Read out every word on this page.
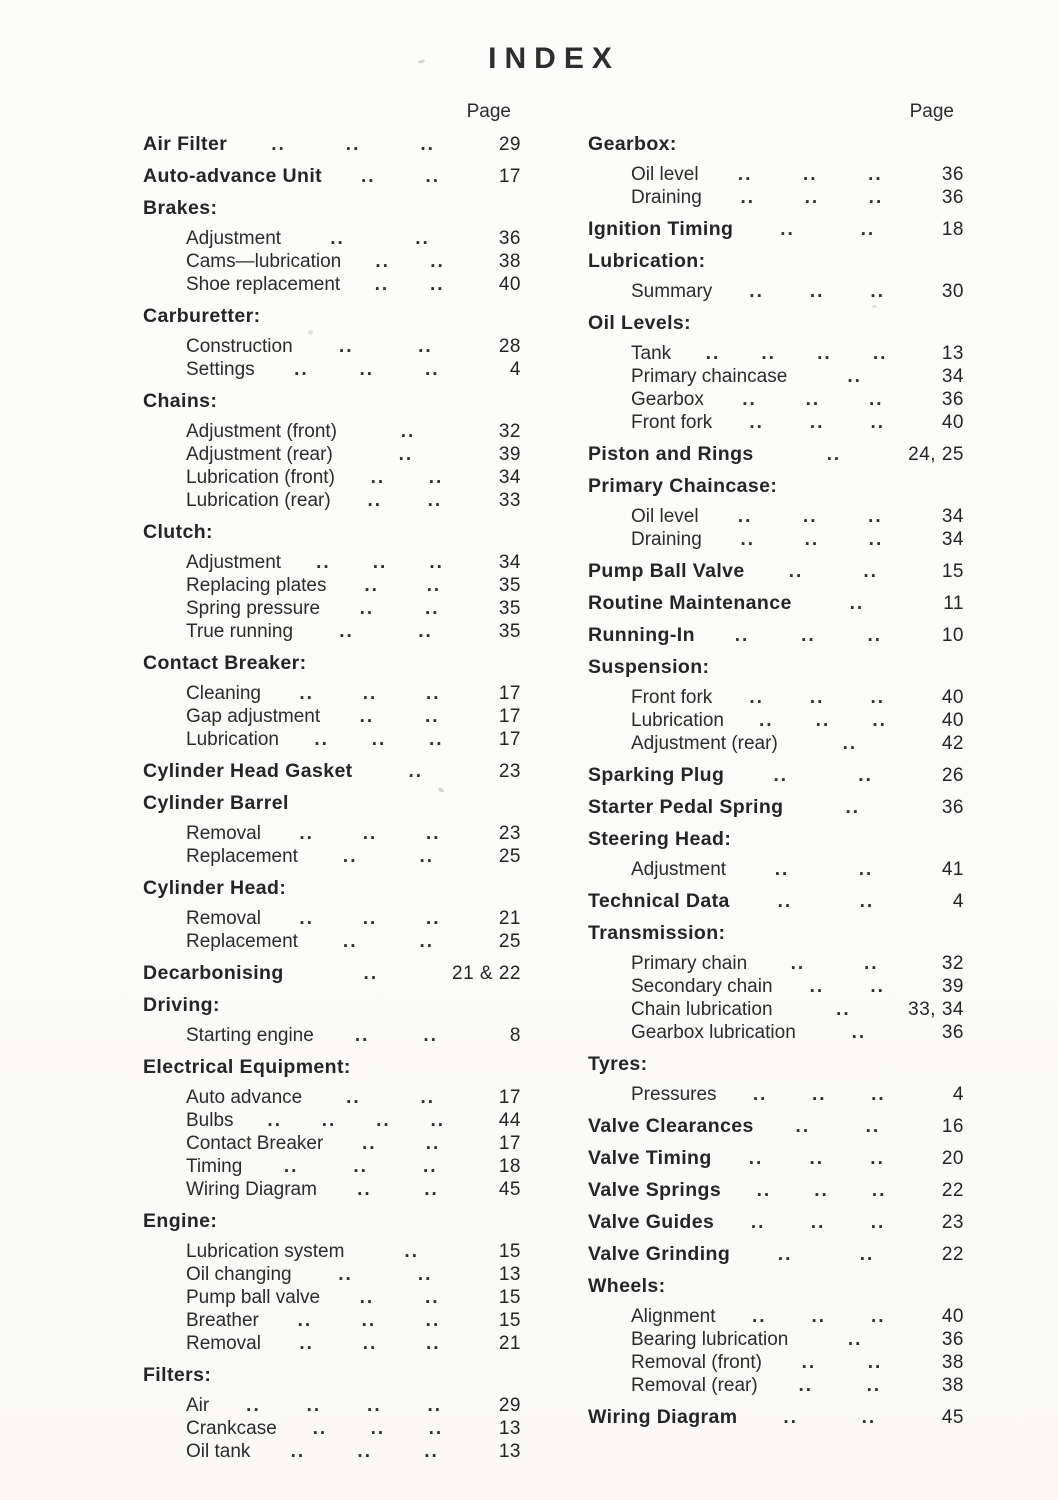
INDEX
Page
Air Filter ..	..	..	29
Auto-advance Unit ..	..	17
Brakes:
Adjustment	..	..	36
Cams—lubrication .. ..	38
Shoe replacement .. ..	40
Carburetter:
Construction ..	..	28
Settings ..	..	..	4
Chains:
Adjustment (front)	..	32
Adjustment (rear)	..	39
Lubrication (front) .. ..	34
Lubrication (rear) .. ..	33
Clutch:
Adjustment .. .. ..	34
Replacing plates ..	..	35
Spring pressure ..	..	35
True running ..	..	35
Contact Breaker:
Cleaning ..	..	..	17
Gap adjustment ..	..	17
Lubrication .. .. ..	17
Cylinder Head Gasket	..	23
Cylinder Barrel
Removal ..	..	..	23
Replacement ..	..	25
Cylinder Head:
Removal ..	..	..	21
Replacement ..	..	25
Decarbonising	..	21 & 22
Driving:
Starting engine ..	..	8
Electrical Equipment:
Auto advance ..	..	17
Bulbs .. .. .. ..	44
Contact Breaker ..	..	17
Timing ..	..	..	18
Wiring Diagram ..	..	45
Engine:
Lubrication system	..	15
Oil changing ..	..	13
Pump ball valve ..	..	15
Breather ..	..	..	15
Removal ..	..	..	21
Filters:
Air .. .. .. ..	29
Crankcase .. .. ..	13
Oil tank ..	..	..	13
Page
Gearbox:
Oil level ..	..	..	36
Draining ..	..	..	36
Ignition Timing ..	..	18
Lubrication:
Summary .. .. ..	30
Oil Levels:
Tank .. .. .. ..	13
Primary chaincase	..	34
Gearbox ..	..	..	36
Front fork .. .. ..	40
Piston and Rings	..	24, 25
Primary Chaincase:
Oil level ..	..	..	34
Draining ..	..	..	34
Pump Ball Valve ..	..	15
Routine Maintenance	..	11
Running-In ..	..	..	10
Suspension:
Front fork .. .. ..	40
Lubrication .. .. ..	40
Adjustment (rear)	..	42
Sparking Plug	..	..	26
Starter Pedal Spring	..	36
Steering Head:
Adjustment	..	..	41
Technical Data	..	..	4
Transmission:
Primary chain ..	..	32
Secondary chain .. ..	39
Chain lubrication	..	33, 34
Gearbox lubrication	..	36
Tyres:
Pressures .. .. ..	4
Valve Clearances ..	..	16
Valve Timing .. .. ..	20
Valve Springs .. .. ..	22
Valve Guides .. .. ..	23
Valve Grinding	..	..	22
Wheels:
Alignment .. .. ..	40
Bearing lubrication	..	36
Removal (front) ..	..	38
Removal (rear) ..	..	38
Wiring Diagram ..	..	45
